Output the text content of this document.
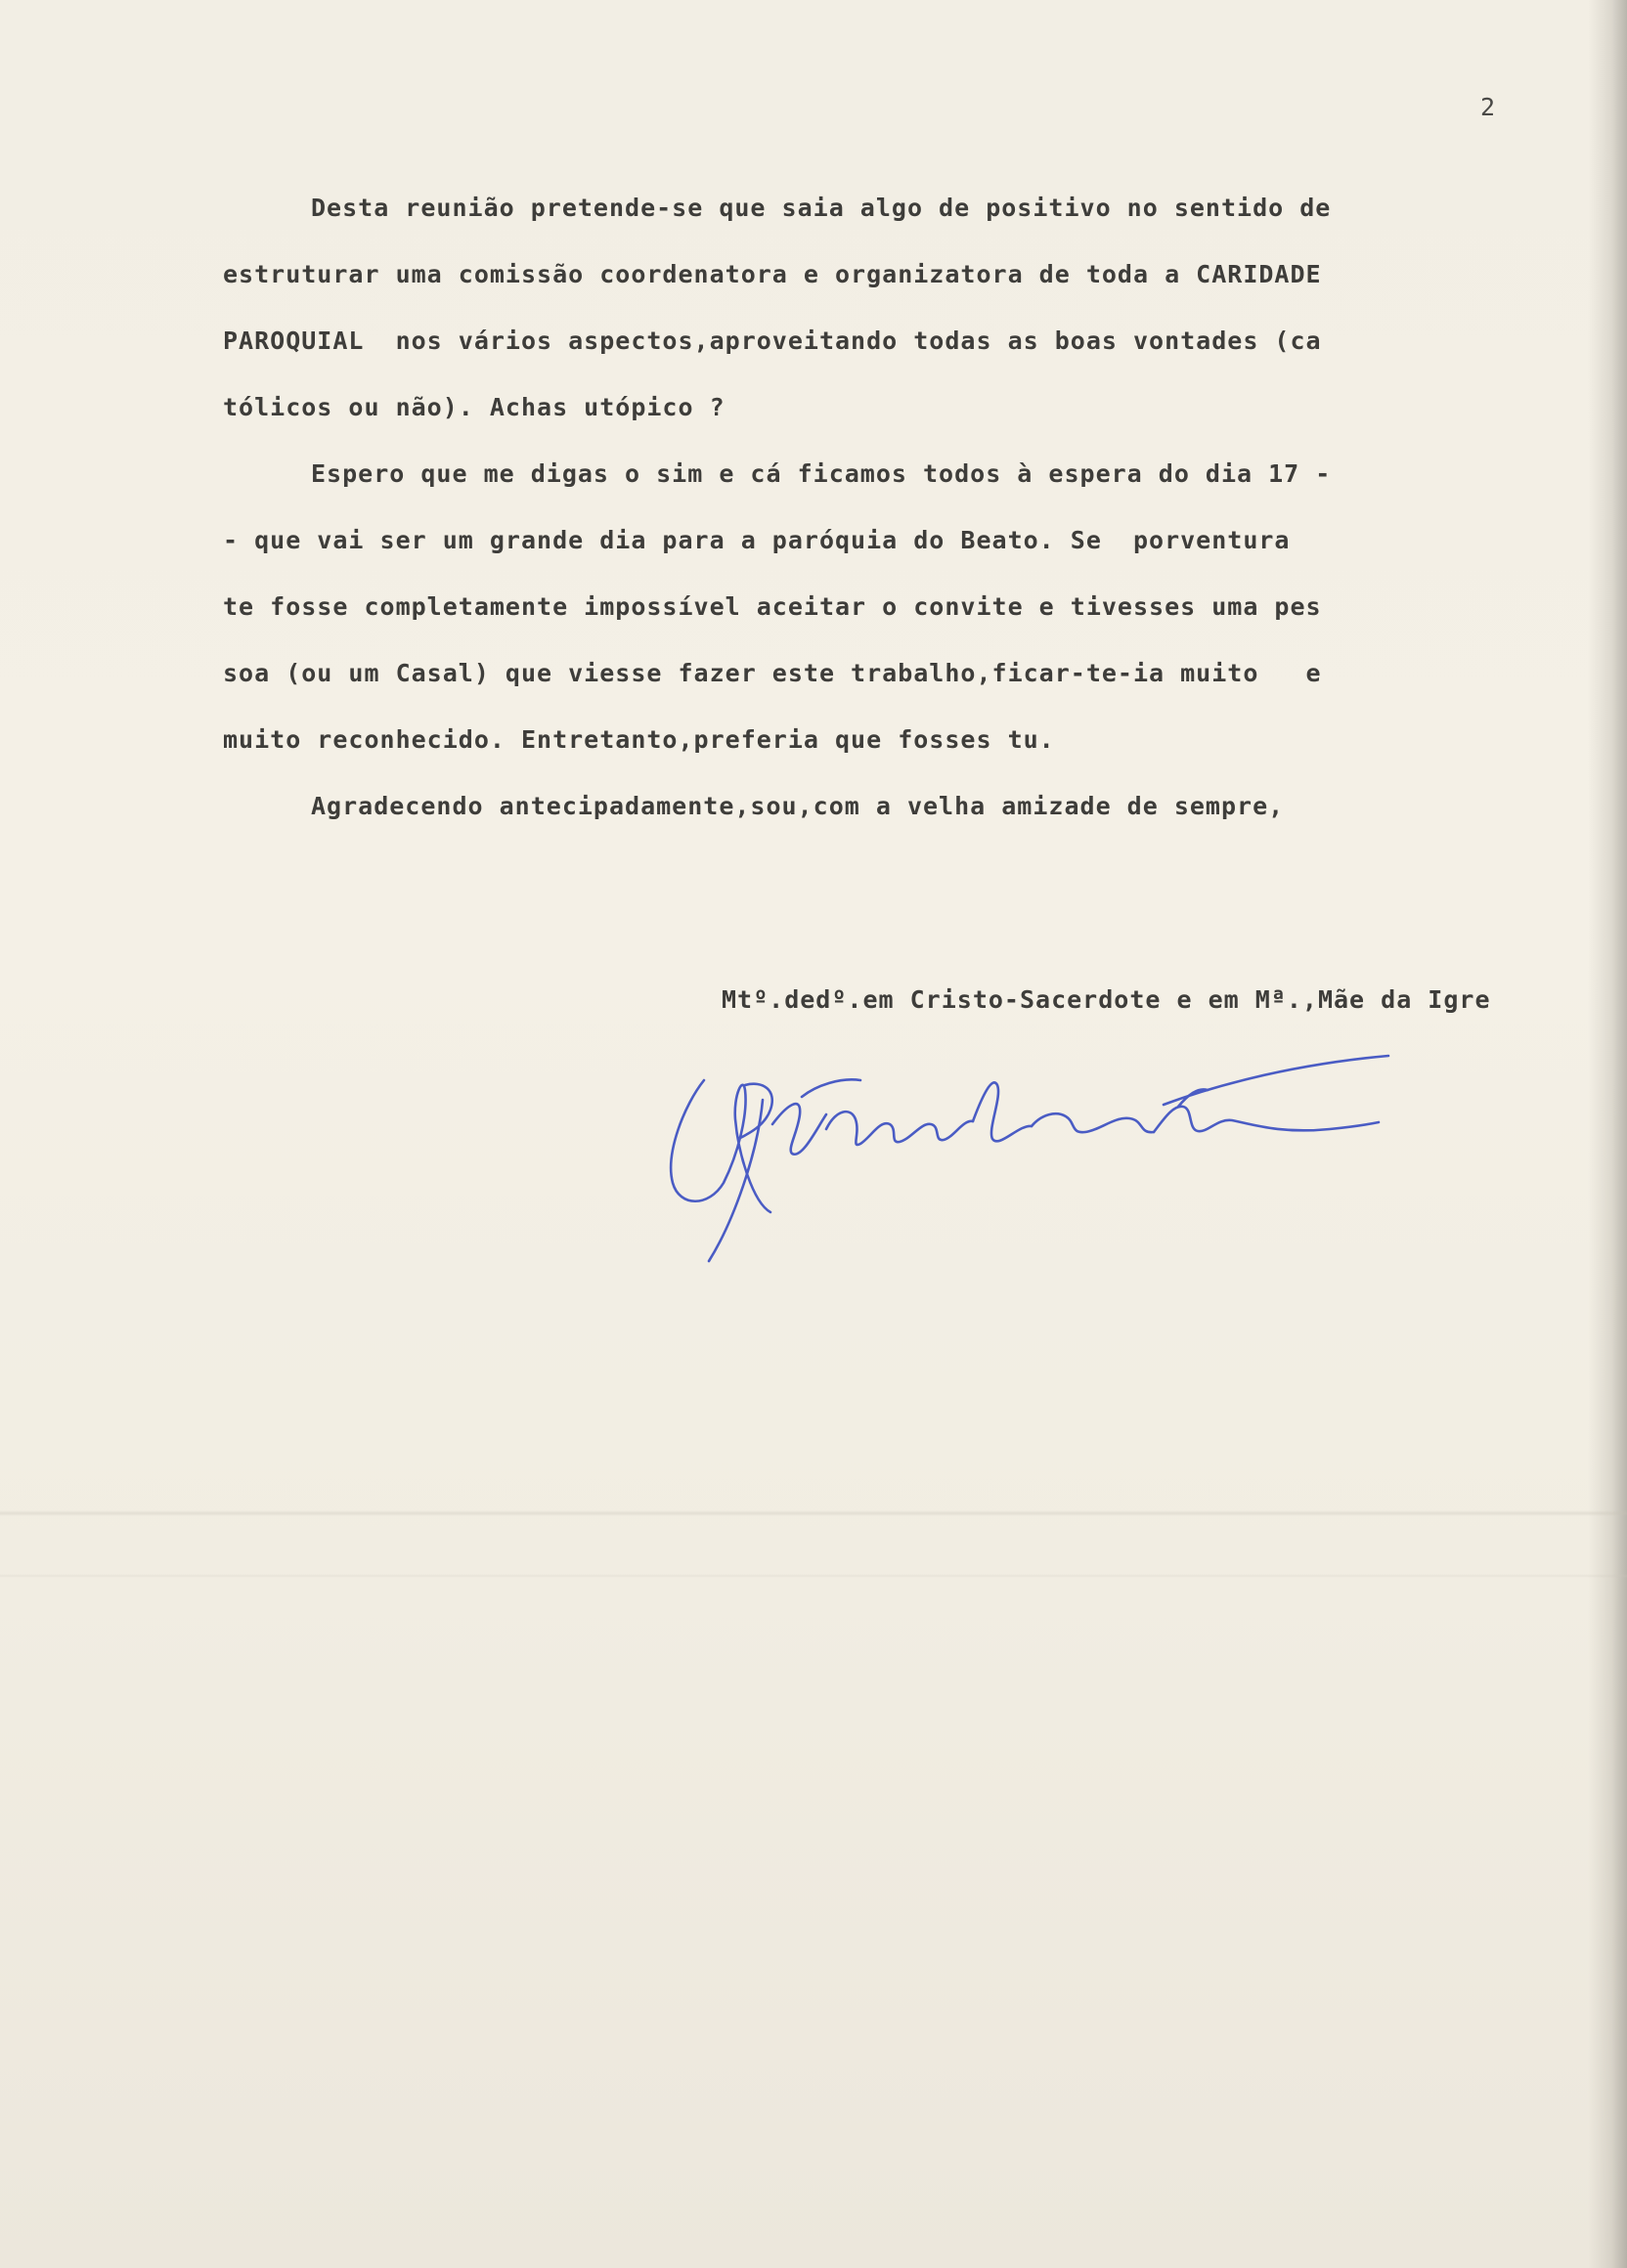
2
Desta reunião pretende-se que saia algo de positivo no sentido de
estruturar uma comissão coordenatora e organizatora de toda a CARIDADE
PAROQUIAL  nos vários aspectos,aproveitando todas as boas vontades (ca
tólicos ou não). Achas utópico ?
Espero que me digas o sim e cá ficamos todos à espera do dia 17 -
- que vai ser um grande dia para a paróquia do Beato. Se  porventura
te fosse completamente impossível aceitar o convite e tivesses uma pes
soa (ou um Casal) que viesse fazer este trabalho,ficar-te-ia muito   e
muito reconhecido. Entretanto,preferia que fosses tu.
Agradecendo antecipadamente,sou,com a velha amizade de sempre,
Mtº.dedº.em Cristo-Sacerdote e em Mª.,Mãe da Igre
